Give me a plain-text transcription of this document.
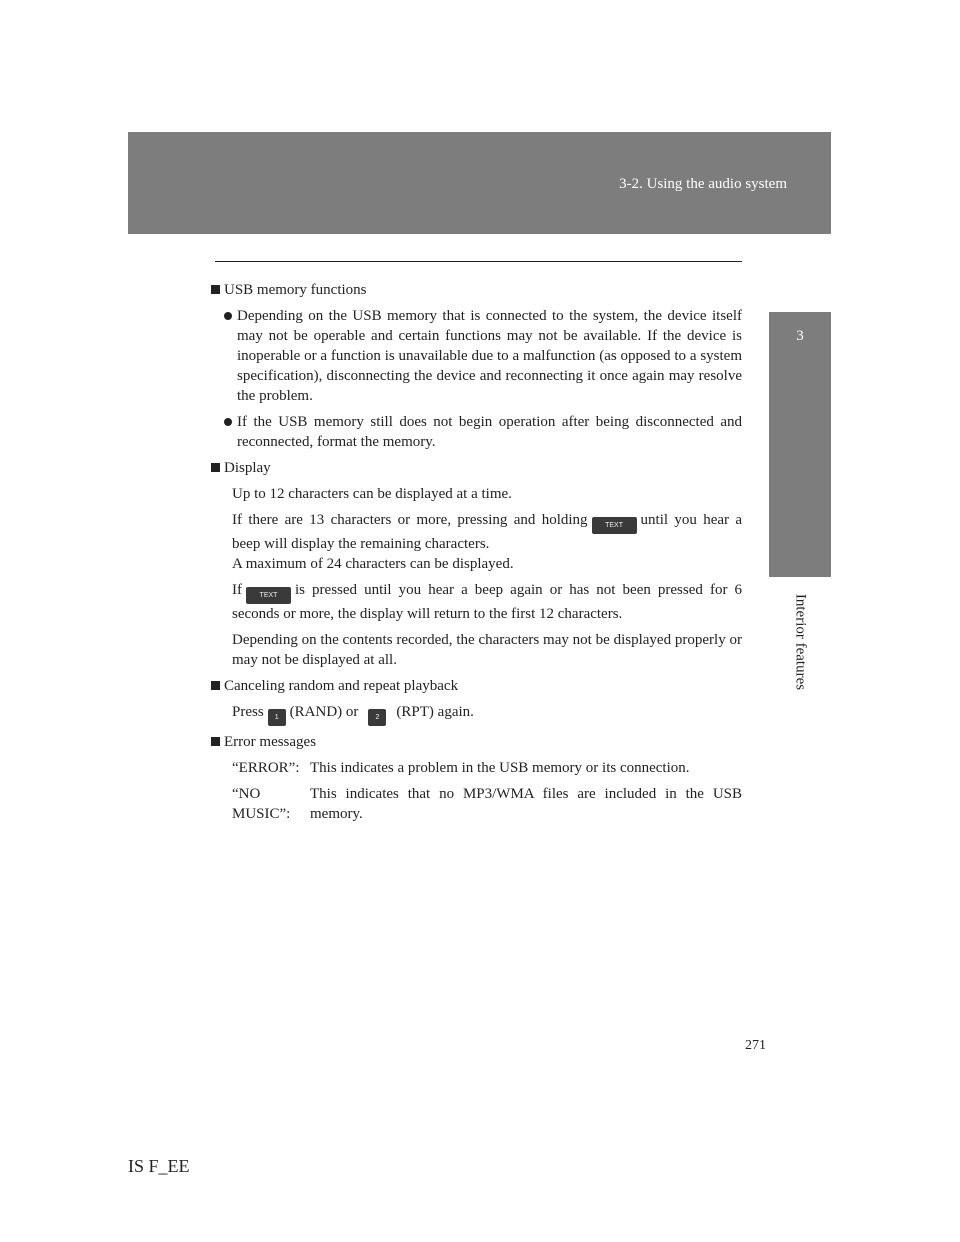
3-2. Using the audio system
3
Interior features
USB memory functions
Depending on the USB memory that is connected to the system, the device itself may not be operable and certain functions may not be available. If the device is inoperable or a function is unavailable due to a malfunction (as opposed to a system specification), disconnecting the device and reconnecting it once again may resolve the problem.
If the USB memory still does not begin operation after being disconnected and reconnected, format the memory.
Display
Up to 12 characters can be displayed at a time.
If there are 13 characters or more, pressing and holding	TEXT until you hear a beep will display the remaining characters.
A maximum of 24 characters can be displayed.
If	TEXT is pressed until you hear a beep again or has not been pressed for 6 seconds or more, the display will return to the first 12 characters.
Depending on the contents recorded, the characters may not be displayed properly or may not be displayed at all.
Canceling random and repeat playback
Press 1 (RAND) or 2 (RPT) again.
Error messages
“ERROR”: This indicates a problem in the USB memory or its connection.
“NO MUSIC”:
This indicates that no MP3/WMA files are included in the USB memory.
271
IS F_EE
